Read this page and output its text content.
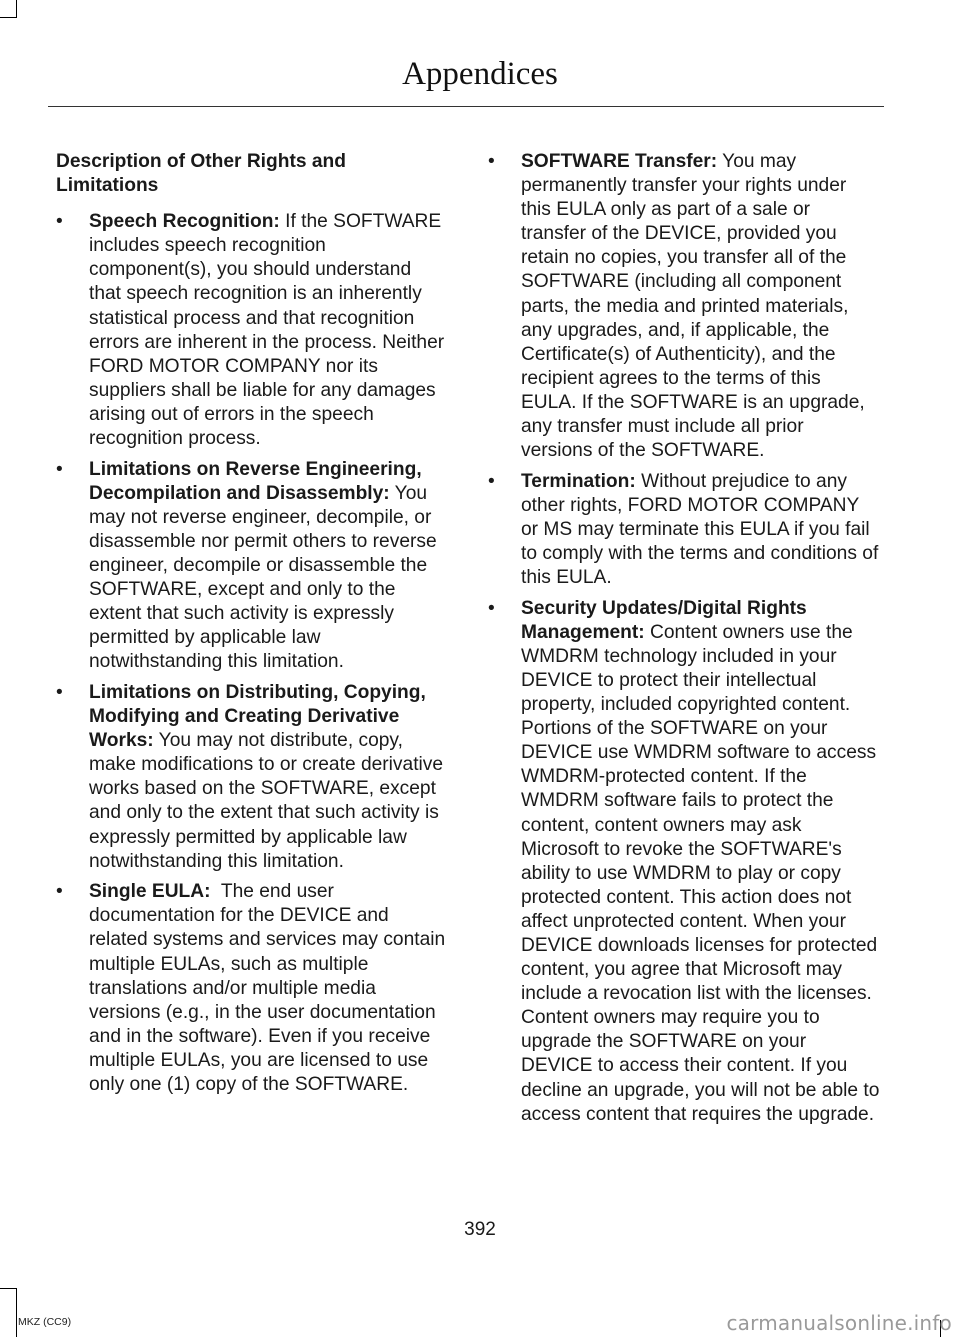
Appendices

Description of Other Rights and Limitations

• Speech Recognition: If the SOFTWARE includes speech recognition component(s), you should understand that speech recognition is an inherently statistical process and that recognition errors are inherent in the process. Neither FORD MOTOR COMPANY nor its suppliers shall be liable for any damages arising out of errors in the speech recognition process.
• Limitations on Reverse Engineering, Decompilation and Disassembly: You may not reverse engineer, decompile, or disassemble nor permit others to reverse engineer, decompile or disassemble the SOFTWARE, except and only to the extent that such activity is expressly permitted by applicable law notwithstanding this limitation.
• Limitations on Distributing, Copying, Modifying and Creating Derivative Works: You may not distribute, copy, make modifications to or create derivative works based on the SOFTWARE, except and only to the extent that such activity is expressly permitted by applicable law notwithstanding this limitation.
• Single EULA: The end user documentation for the DEVICE and related systems and services may contain multiple EULAs, such as multiple translations and/or multiple media versions (e.g., in the user documentation and in the software). Even if you receive multiple EULAs, you are licensed to use only one (1) copy of the SOFTWARE.
• SOFTWARE Transfer: You may permanently transfer your rights under this EULA only as part of a sale or transfer of the DEVICE, provided you retain no copies, you transfer all of the SOFTWARE (including all component parts, the media and printed materials, any upgrades, and, if applicable, the Certificate(s) of Authenticity), and the recipient agrees to the terms of this EULA. If the SOFTWARE is an upgrade, any transfer must include all prior versions of the SOFTWARE.
• Termination: Without prejudice to any other rights, FORD MOTOR COMPANY or MS may terminate this EULA if you fail to comply with the terms and conditions of this EULA.
• Security Updates/Digital Rights Management: Content owners use the WMDRM technology included in your DEVICE to protect their intellectual property, included copyrighted content. Portions of the SOFTWARE on your DEVICE use WMDRM software to access WMDRM-protected content. If the WMDRM software fails to protect the content, content owners may ask Microsoft to revoke the SOFTWARE's ability to use WMDRM to play or copy protected content. This action does not affect unprotected content. When your DEVICE downloads licenses for protected content, you agree that Microsoft may include a revocation list with the licenses. Content owners may require you to upgrade the SOFTWARE on your DEVICE to access their content. If you decline an upgrade, you will not be able to access content that requires the upgrade.
392
MKZ (CC9)	carmanualsonline.info
